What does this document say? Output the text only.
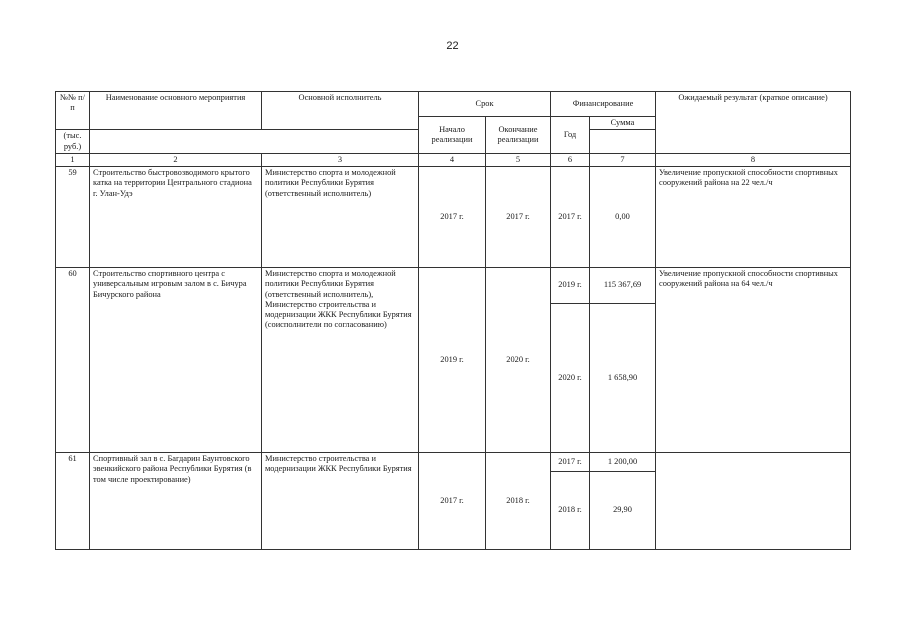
22
№№ п/п	Наименование основного мероприятия	Основной исполнитель	Срок		Финансирование		Ожидаемый результат (краткое описание)

			Начало реализации	Окончание реализации	Год	Сумма	
(тыс. руб.)							
1	2	3	4	5	6	7	8
59	Строительство быстровозводимого крытого катка на территории Центрального стадиона г. Улан-Удэ	Министерство спорта и молодежной политики Республики Бурятия (ответственный исполнитель)	2017 г.	2017 г.	2017 г.	0,00	Увеличение пропускной способности спортивных сооружений района на 22 чел./ч
60	Строительство спортивного центра с универсальным игровым залом в с. Бичура Бичурского района	Министерство спорта и молодежной политики Республики Бурятия (ответственный исполнитель), Министерство строительства и модернизации ЖКК Республики Бурятия (соисполнители по согласованию)	2019 г.	2020 г.	2019 г.	115 367,69	Увеличение пропускной способности спортивных сооружений района на 64 чел./ч
					2020 г.	1 658,90	
61	Спортивный зал в с. Багдарин Баунтовского эвенкийского района Республики Бурятия (в том числе проектирование)	Министерство строительства и модернизации ЖКК Республики Бурятия	2017 г.	2018 г.	2017 г.	1 200,00	
					2018 г.	29,90	
